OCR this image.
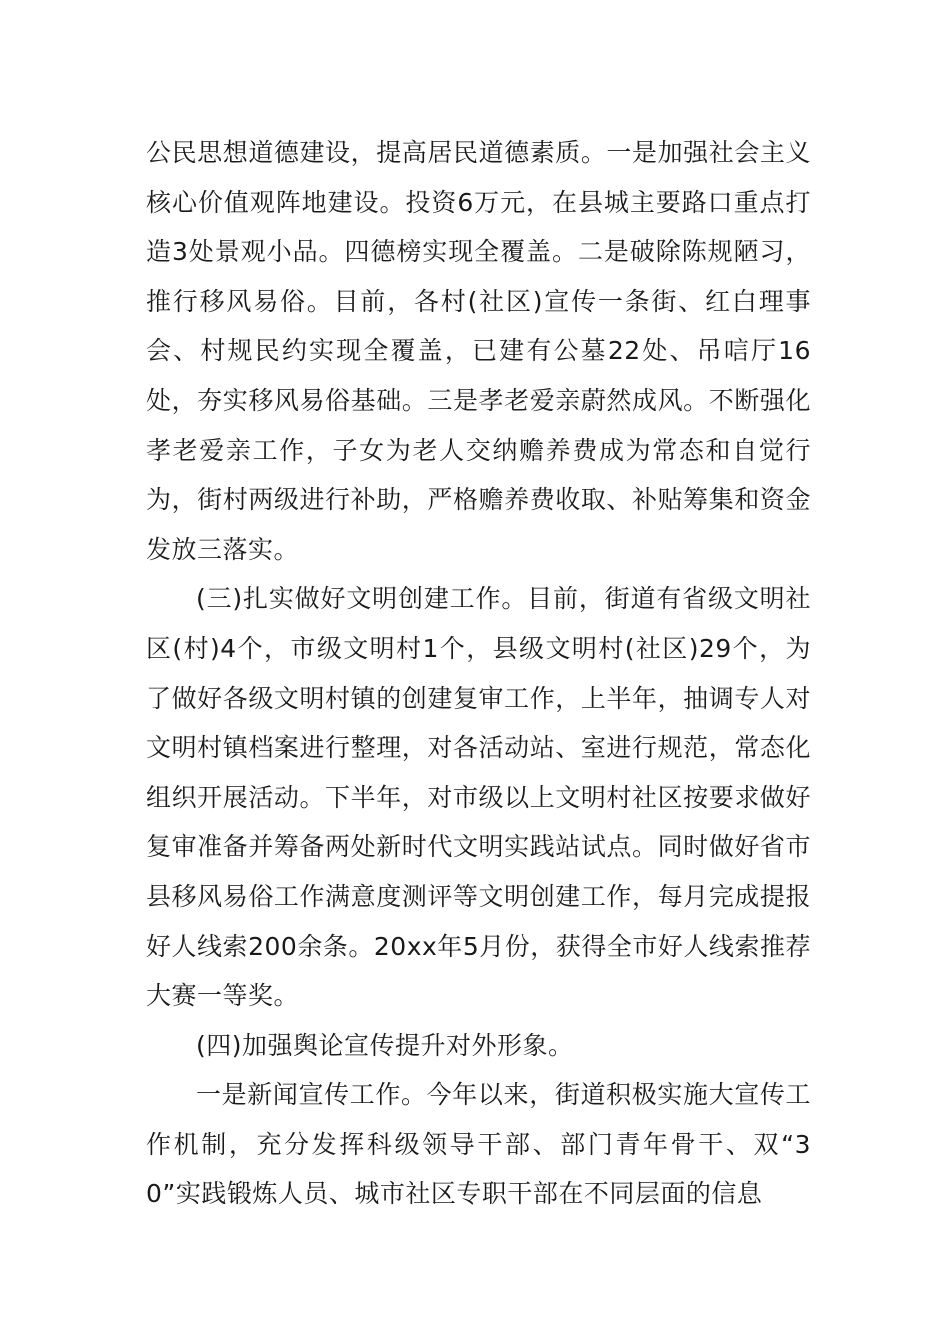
公民思想道德建设，提高居民道德素质。一是加强社会主义核心价值观阵地建设。投资6万元，在县城主要路口重点打造3处景观小品。四德榜实现全覆盖。二是破除陈规陋习，推行移风易俗。目前，各村(社区)宣传一条街、红白理事会、村规民约实现全覆盖，已建有公墓22处、吊唁厅16处，夯实移风易俗基础。三是孝老爱亲蔚然成风。不断强化孝老爱亲工作，子女为老人交纳赡养费成为常态和自觉行为，街村两级进行补助，严格赡养费收取、补贴筹集和资金发放三落实。

(三)扎实做好文明创建工作。目前，街道有省级文明社区(村)4个，市级文明村1个，县级文明村(社区)29个，为了做好各级文明村镇的创建复审工作，上半年，抽调专人对文明村镇档案进行整理，对各活动站、室进行规范，常态化组织开展活动。下半年，对市级以上文明村社区按要求做好复审准备并筹备两处新时代文明实践站试点。同时做好省市县移风易俗工作满意度测评等文明创建工作，每月完成提报好人线索200余条。20xx年5月份，获得全市好人线索推荐大赛一等奖。

(四)加强舆论宣传提升对外形象。

一是新闻宣传工作。今年以来，街道积极实施大宣传工作机制，充分发挥科级领导干部、部门青年骨干、双“30”实践锻炼人员、城市社区专职干部在不同层面的信息
